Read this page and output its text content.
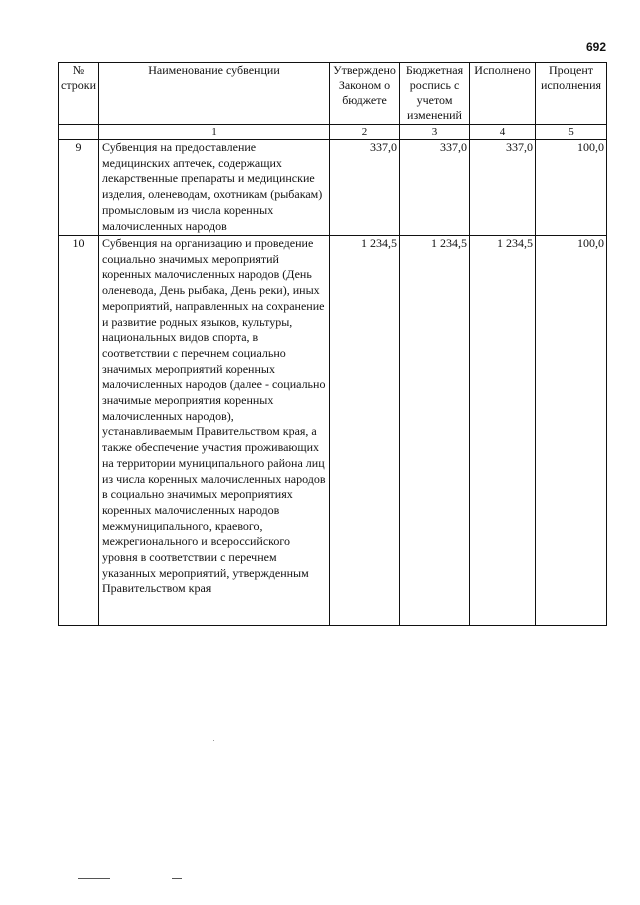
692
№ строки	Наименование субвенции	Утверждено Законом о бюджете	Бюджетная роспись с учетом изменений	Исполнено	Процент исполнения
	1	2	3	4	5
9	Субвенция на предоставление медицинских аптечек, содержащих лекарственные препараты и медицинские изделия, оленеводам, охотникам (рыбакам) промысловым из числа коренных малочисленных народов	337,0	337,0	337,0	100,0
10	Субвенция на организацию и проведение социально значимых мероприятий коренных малочисленных народов (День оленевода, День рыбака, День реки), иных мероприятий, направленных на сохранение и развитие родных языков, культуры, национальных видов спорта, в соответствии с перечнем социально значимых мероприятий коренных малочисленных народов (далее - социально значимые мероприятия коренных малочисленных народов), устанавливаемым Правительством края, а также обеспечение участия проживающих на территории муниципального района лиц из числа коренных малочисленных народов в социально значимых мероприятиях коренных малочисленных народов межмуниципального, краевого, межрегионального и всероссийского уровня в соответствии с перечнем указанных мероприятий, утвержденным Правительством края	1 234,5	1 234,5	1 234,5	100,0
